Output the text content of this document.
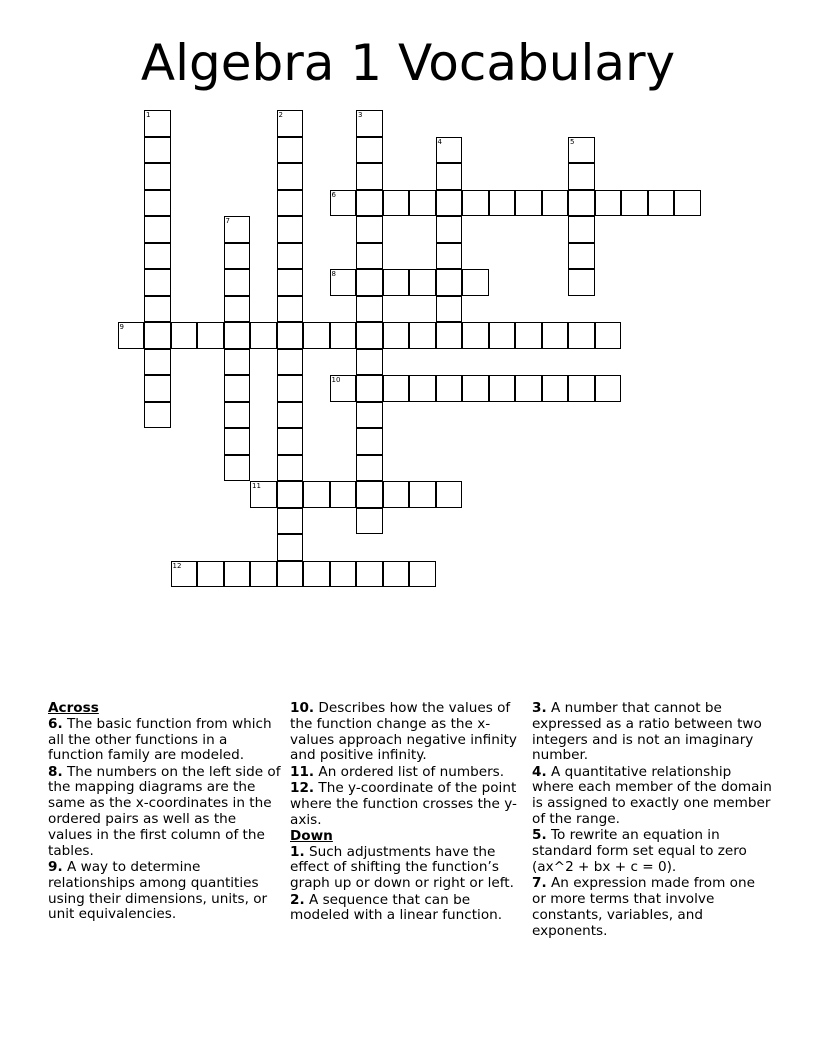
Algebra 1 Vocabulary
6
8
9
10
11
12
1	2	3
4	5
7
Across
6. The basic function from which all the other functions in a function family are modeled.
8. The numbers on the left side of the mapping diagrams are the same as the x-coordinates in the ordered pairs as well as the values in the first column of the tables.
9. A way to determine relationships among quantities using their dimensions, units, or unit equivalencies.
10. Describes how the values of the function change as the x-values approach negative infinity and positive infinity.
11. An ordered list of numbers.
12. The y-coordinate of the point where the function crosses the y-axis.
Down
1. Such adjustments have the effect of shifting the function’s graph up or down or right or left.
2. A sequence that can be modeled with a linear function.
3. A number that cannot be expressed as a ratio between two integers and is not an imaginary number.
4. A quantitative relationship where each member of the domain is assigned to exactly one member of the range.
5. To rewrite an equation in standard form set equal to zero (ax^2 + bx + c = 0).
7. An expression made from one or more terms that involve constants, variables, and exponents.
